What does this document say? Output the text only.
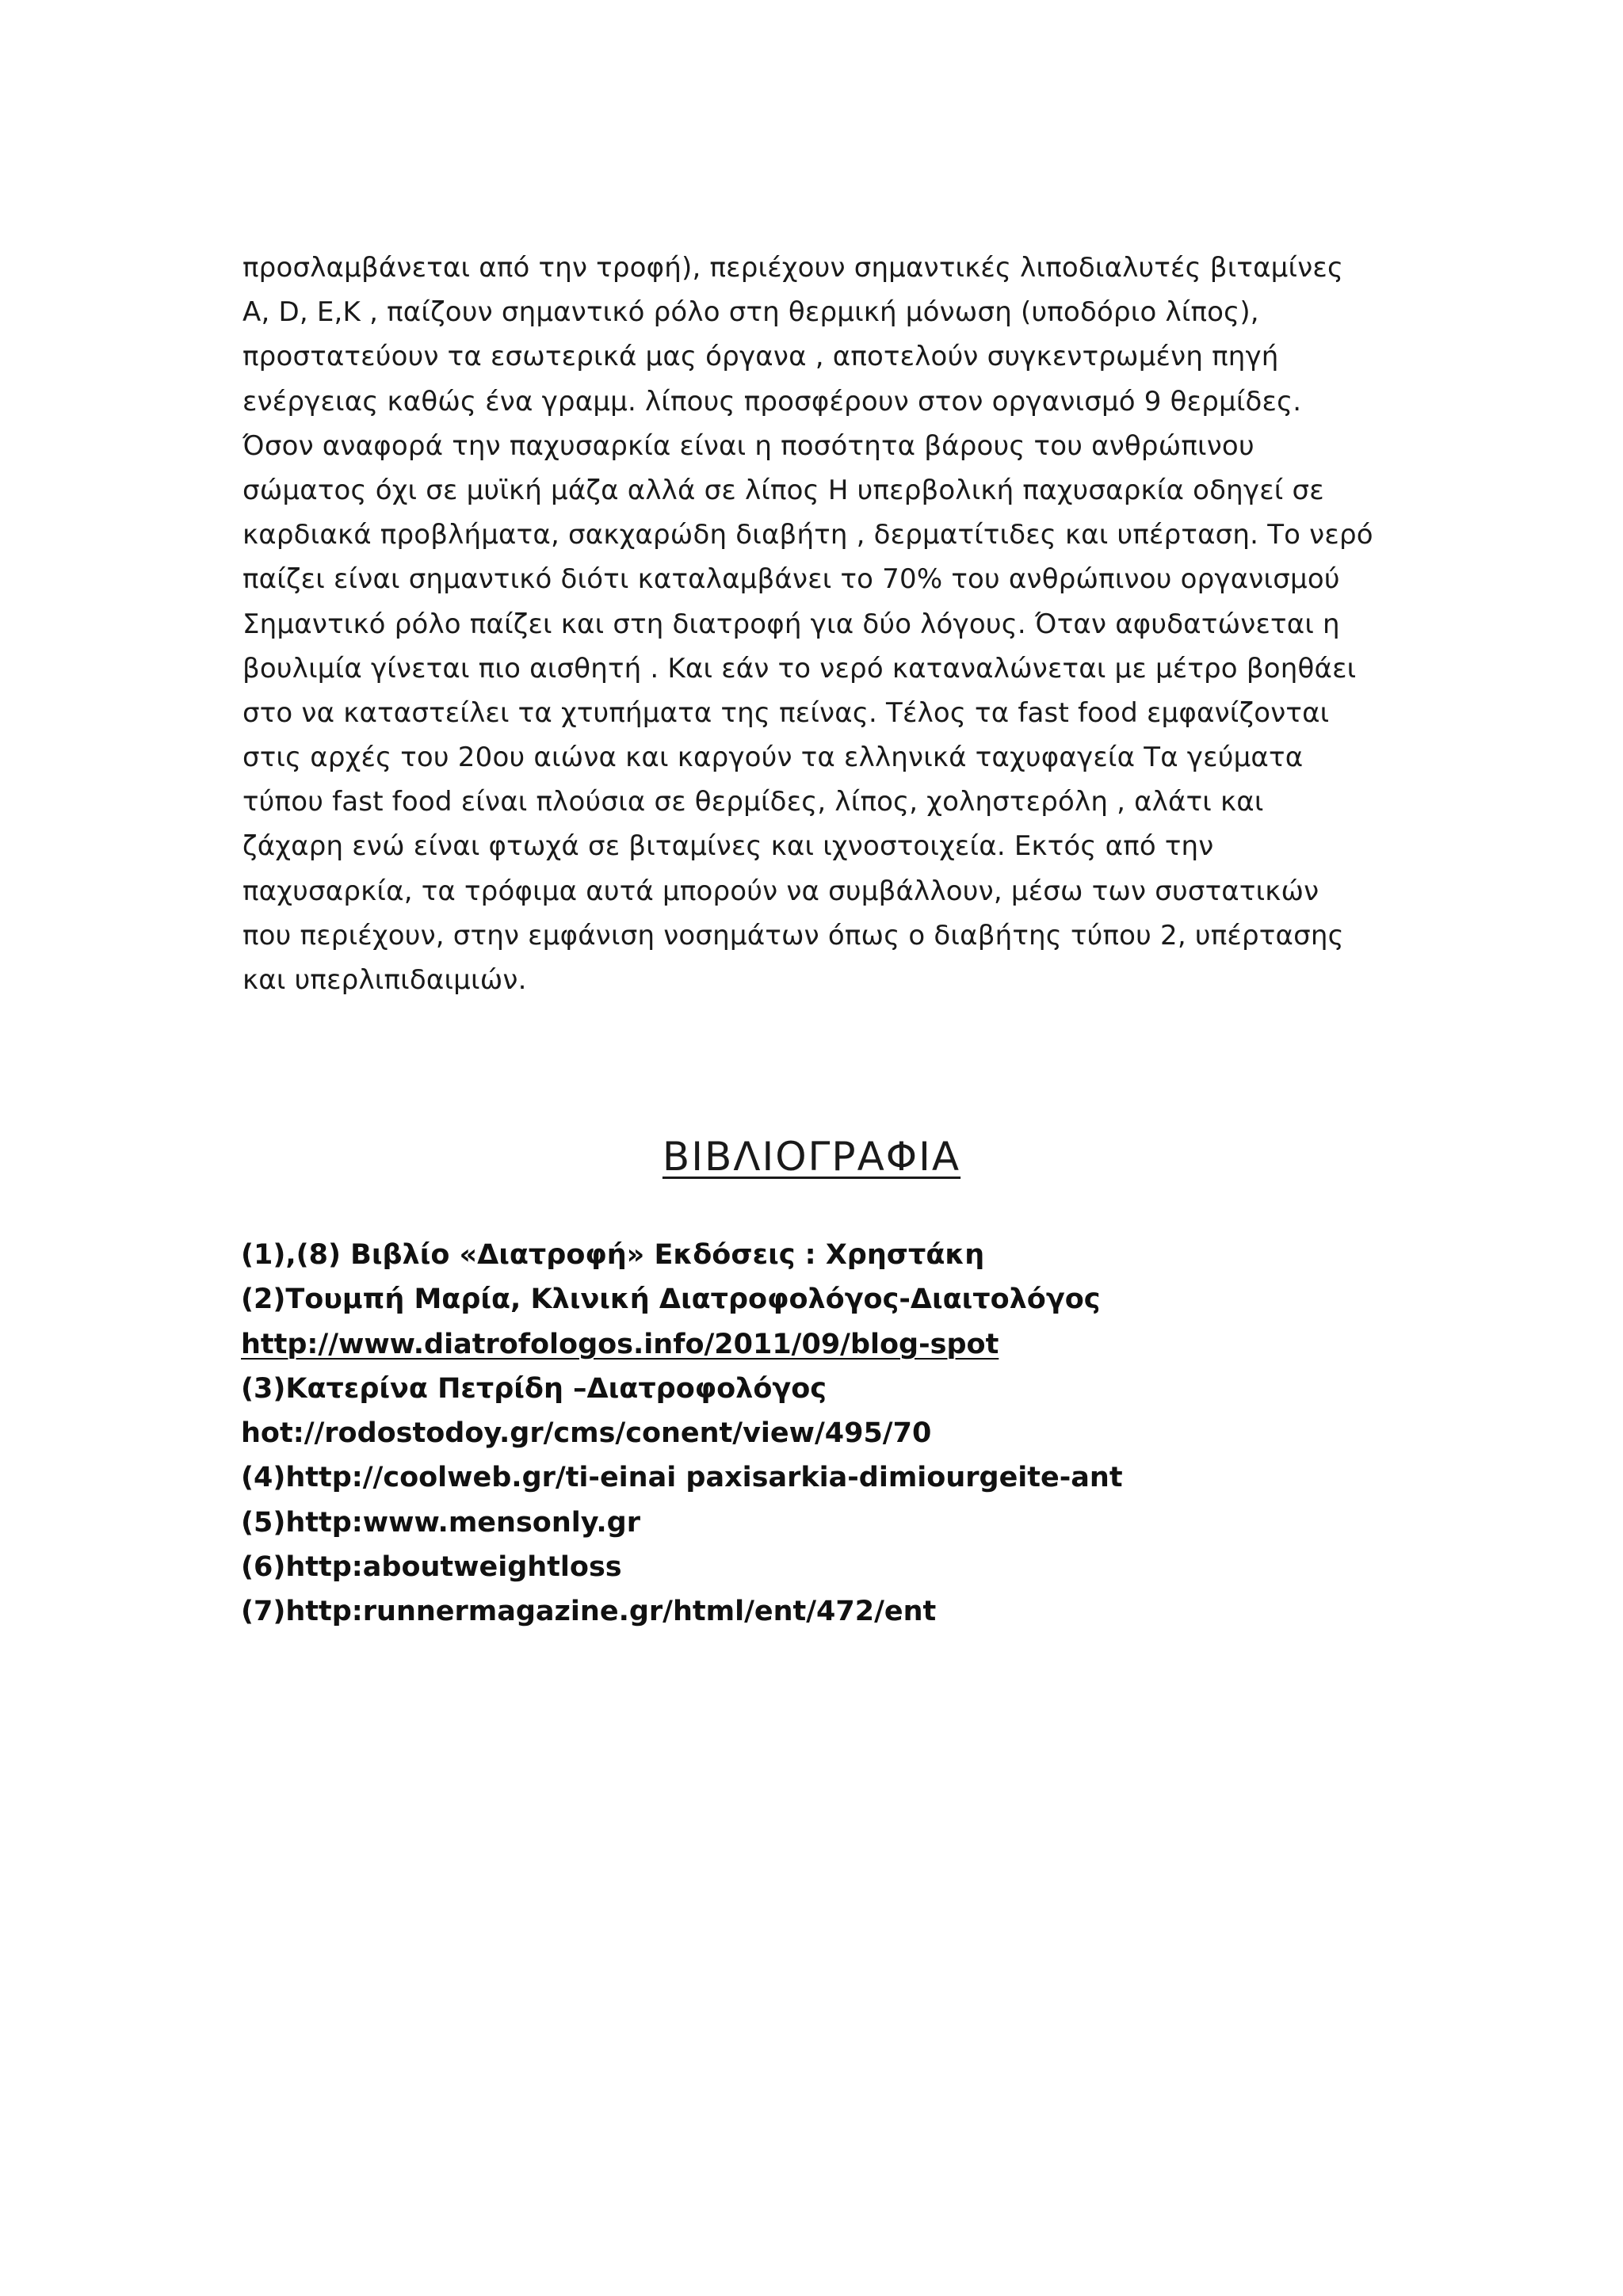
προσλαμβάνεται από την τροφή), περιέχουν σημαντικές λιποδιαλυτές βιταμίνες
A, D, E,K , παίζουν σημαντικό ρόλο στη θερμική μόνωση (υποδόριο λίπος),
προστατεύουν τα εσωτερικά μας όργανα , αποτελούν συγκεντρωμένη πηγή
ενέργειας καθώς ένα γραμμ. λίπους προσφέρουν στον οργανισμό 9 θερμίδες.
Όσον αναφορά την παχυσαρκία είναι η ποσότητα βάρους του ανθρώπινου
σώματος όχι σε μυϊκή μάζα αλλά σε λίπος Η υπερβολική παχυσαρκία οδηγεί σε
καρδιακά προβλήματα, σακχαρώδη διαβήτη , δερματίτιδες και υπέρταση. Το νερό
παίζει είναι σημαντικό διότι καταλαμβάνει το 70% του ανθρώπινου οργανισμού
Σημαντικό ρόλο παίζει και στη διατροφή για δύο λόγους. Όταν αφυδατώνεται η
βουλιμία γίνεται πιο αισθητή . Και εάν το νερό καταναλώνεται με μέτρο βοηθάει
στο να καταστείλει τα χτυπήματα της πείνας. Τέλος τα fast food εμφανίζονται
στις αρχές του 20ου αιώνα και καργούν τα ελληνικά ταχυφαγεία Τα γεύματα
τύπου fast food είναι πλούσια σε θερμίδες, λίπος, χοληστερόλη , αλάτι και
ζάχαρη ενώ είναι φτωχά σε βιταμίνες και ιχνοστοιχεία. Εκτός από την
παχυσαρκία, τα τρόφιμα αυτά μπορούν να συμβάλλουν, μέσω των συστατικών
που περιέχουν, στην εμφάνιση νοσημάτων όπως ο διαβήτης τύπου 2, υπέρτασης
και υπερλιπιδαιμιών.
ΒΙΒΛΙΟΓΡΑΦΙΑ
(1),(8) Βιβλίο «Διατροφή» Εκδόσεις : Χρηστάκη
(2)Τουμπή Μαρία, Κλινική Διατροφολόγος-Διαιτολόγος
http://www.diatrofologos.info/2011/09/blog-spot
(3)Κατερίνα Πετρίδη –Διατροφολόγος
hot://rodostodoy.gr/cms/conent/view/495/70
(4)http://coolweb.gr/ti-einai paxisarkia-dimiourgeite-ant
(5)http:www.mensonly.gr
(6)http:aboutweightloss
(7)http:runnermagazine.gr/html/ent/472/ent
